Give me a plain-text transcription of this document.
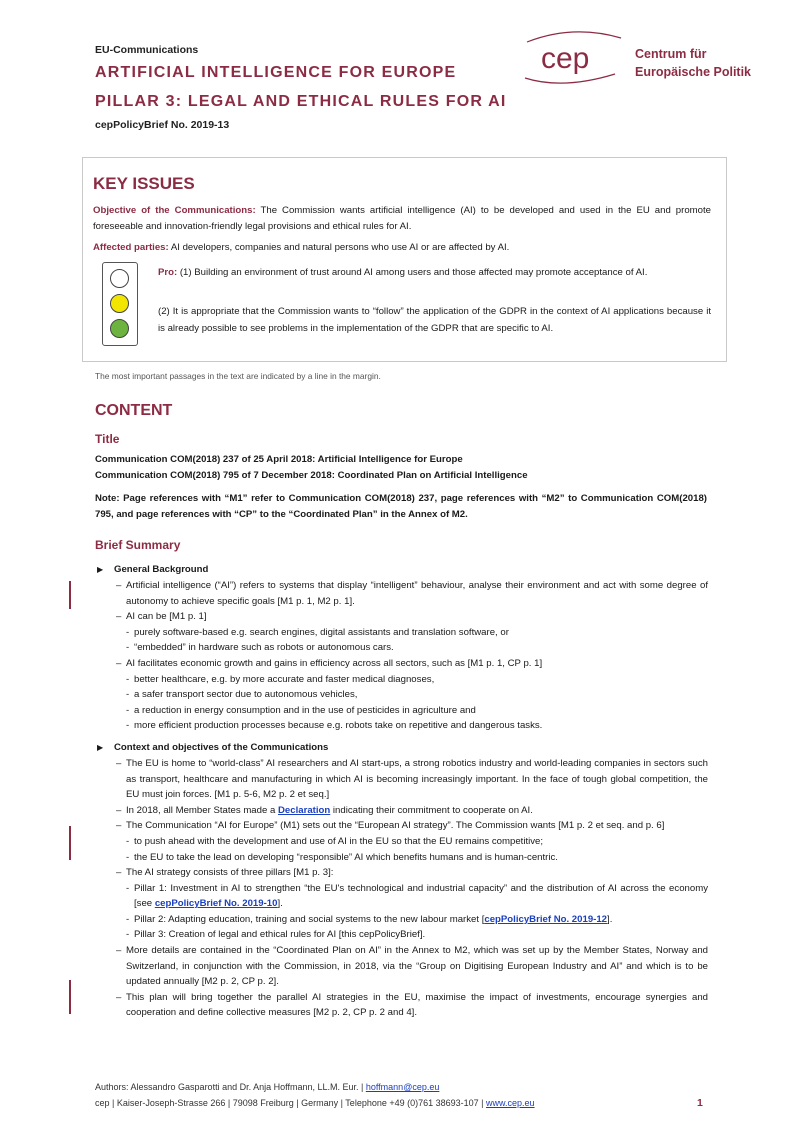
EU-Communications
ARTIFICIAL INTELLIGENCE FOR EUROPE
PILLAR 3: LEGAL AND ETHICAL RULES FOR AI
cepPolicyBrief No. 2019-13
cep	Centrum für
Europäische Politik
KEY ISSUES
Objective of the Communications: The Commission wants artificial intelligence (AI) to be developed and used in the EU and promote foreseeable and innovation-friendly legal provisions and ethical rules for AI.
Affected parties: AI developers, companies and natural persons who use AI or are affected by AI.
Pro: (1) Building an environment of trust around AI among users and those affected may promote acceptance of AI.
(2) It is appropriate that the Commission wants to “follow” the application of the GDPR in the context of AI applications because it is already possible to see problems in the implementation of the GDPR that are specific to AI.
The most important passages in the text are indicated by a line in the margin.
CONTENT
Title
Communication COM(2018) 237 of 25 April 2018: Artificial Intelligence for Europe
Communication COM(2018) 795 of 7 December 2018: Coordinated Plan on Artificial Intelligence
Note: Page references with “M1” refer to Communication COM(2018) 237, page references with “M2” to Communication COM(2018) 795, and page references with “CP” to the “Coordinated Plan” in the Annex of M2.
Brief Summary
▶ General Background
– Artificial intelligence (“AI”) refers to systems that display “intelligent” behaviour, analyse their environment and act with some degree of autonomy to achieve specific goals [M1 p. 1, M2 p. 1].
– AI can be [M1 p. 1]
- purely software-based e.g. search engines, digital assistants and translation software, or
- “embedded” in hardware such as robots or autonomous cars.
– AI facilitates economic growth and gains in efficiency across all sectors, such as [M1 p. 1, CP p. 1]
- better healthcare, e.g. by more accurate and faster medical diagnoses,
- a safer transport sector due to autonomous vehicles,
- a reduction in energy consumption and in the use of pesticides in agriculture and
- more efficient production processes because e.g. robots take on repetitive and dangerous tasks.
▶ Context and objectives of the Communications
– The EU is home to “world-class” AI researchers and AI start-ups, a strong robotics industry and world-leading companies in sectors such as transport, healthcare and manufacturing in which AI is becoming increasingly important. In the face of tough global competition, the EU must join forces. [M1 p. 5-6, M2 p. 2 et seq.]
– In 2018, all Member States made a Declaration indicating their commitment to cooperate on AI.
– The Communication “AI for Europe” (M1) sets out the “European AI strategy”. The Commission wants [M1 p. 2 et seq. and p. 6]
- to push ahead with the development and use of AI in the EU so that the EU remains competitive;
- the EU to take the lead on developing “responsible” AI which benefits humans and is human-centric.
– The AI strategy consists of three pillars [M1 p. 3]:
- Pillar 1: Investment in AI to strengthen “the EU's technological and industrial capacity” and the distribution of AI across the economy [see cepPolicyBrief No. 2019-10].
- Pillar 2: Adapting education, training and social systems to the new labour market [cepPolicyBrief No. 2019-12].
- Pillar 3: Creation of legal and ethical rules for AI [this cepPolicyBrief].
– More details are contained in the “Coordinated Plan on AI” in the Annex to M2, which was set up by the Member States, Norway and Switzerland, in conjunction with the Commission, in 2018, via the “Group on Digitising European Industry and AI” and which is to be updated annually [M2 p. 2, CP p. 2].
– This plan will bring together the parallel AI strategies in the EU, maximise the impact of investments, encourage synergies and cooperation and define collective measures [M2 p. 2, CP p. 2 and 4].
Authors: Alessandro Gasparotti and Dr. Anja Hoffmann, LL.M. Eur. | hoffmann@cep.eu
cep | Kaiser-Joseph-Strasse 266 | 79098 Freiburg | Germany | Telephone +49 (0)761 38693-107 | www.cep.eu	1
